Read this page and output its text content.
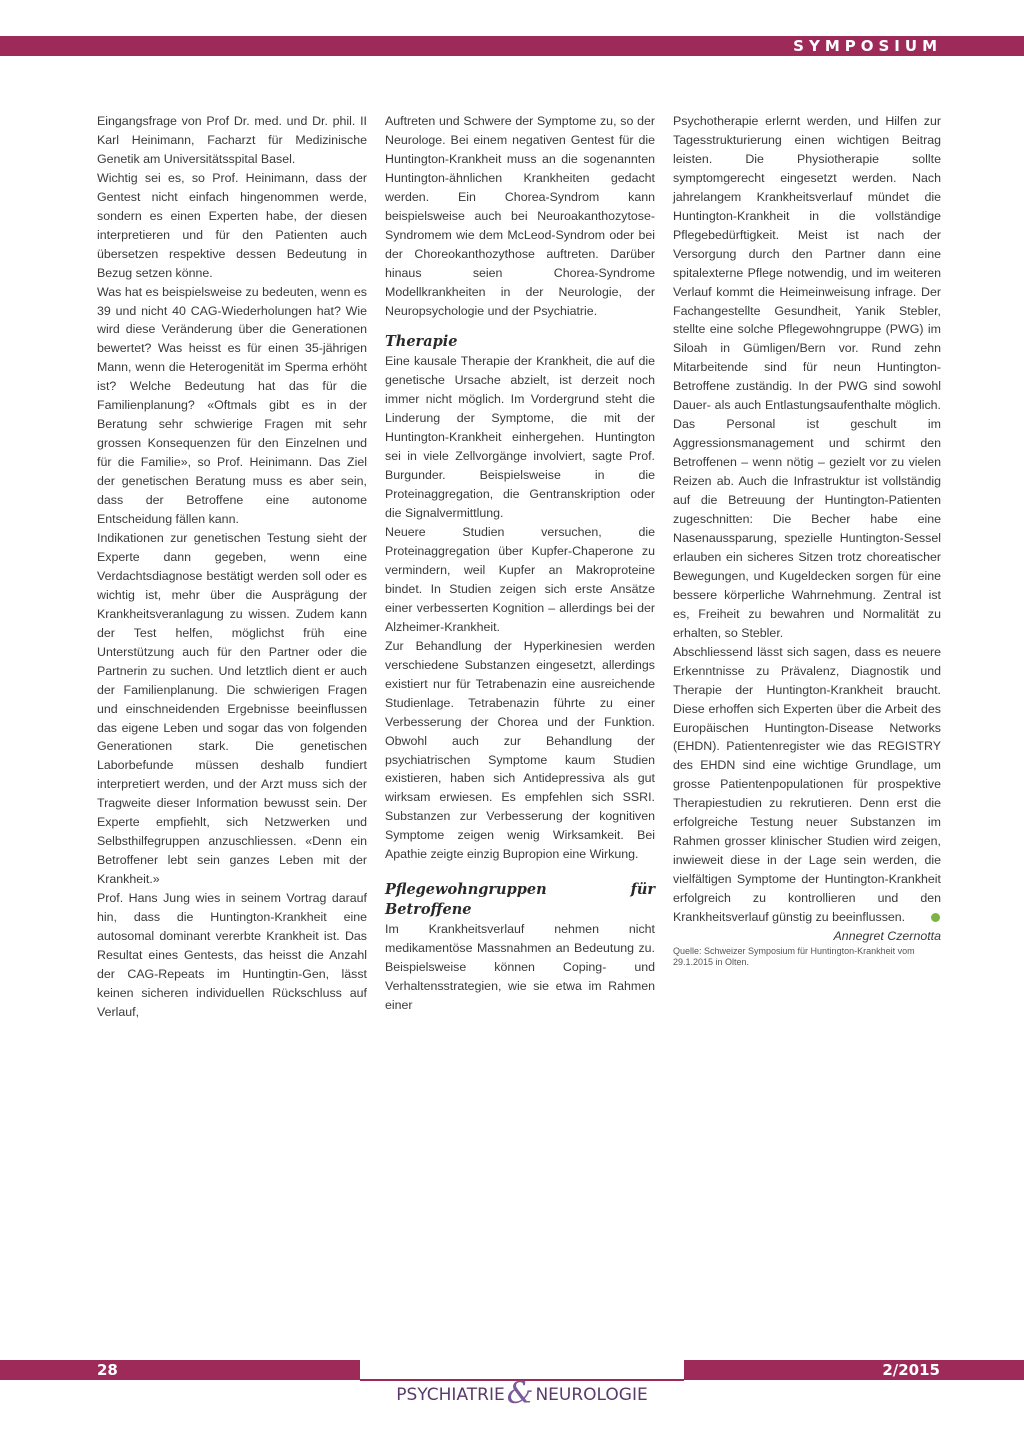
SYMPOSIUM

Eingangsfrage von Prof Dr. med. und Dr. phil. II Karl Heinimann, Facharzt für Medizinische Genetik am Universitätsspital Basel.

Wichtig sei es, so Prof. Heinimann, dass der Gentest nicht einfach hingenommen werde, sondern es einen Experten habe, der diesen interpretieren und für den Patienten auch übersetzen respektive dessen Bedeutung in Bezug setzen könne.

Was hat es beispielsweise zu bedeuten, wenn es 39 und nicht 40 CAG-Wiederholungen hat? Wie wird diese Veränderung über die Generationen bewertet? Was heisst es für einen 35-jährigen Mann, wenn die Heterogenität im Sperma erhöht ist? Welche Bedeutung hat das für die Familienplanung? «Oftmals gibt es in der Beratung sehr schwierige Fragen mit sehr grossen Konsequenzen für den Einzelnen und für die Familie», so Prof. Heinimann. Das Ziel der genetischen Beratung muss es aber sein, dass der Betroffene eine autonome Entscheidung fällen kann.

Indikationen zur genetischen Testung sieht der Experte dann gegeben, wenn eine Verdachtsdiagnose bestätigt werden soll oder es wichtig ist, mehr über die Ausprägung der Krankheitsveranlagung zu wissen. Zudem kann der Test helfen, möglichst früh eine Unterstützung auch für den Partner oder die Partnerin zu suchen. Und letztlich dient er auch der Familienplanung. Die schwierigen Fragen und einschneidenden Ergebnisse beeinflussen das eigene Leben und sogar das von folgenden Generationen stark. Die genetischen Laborbefunde müssen deshalb fundiert interpretiert werden, und der Arzt muss sich der Tragweite dieser Information bewusst sein. Der Experte empfiehlt, sich Netzwerken und Selbsthilfegruppen anzuschliessen. «Denn ein Betroffener lebt sein ganzes Leben mit der Krankheit.»

Prof. Hans Jung wies in seinem Vortrag darauf hin, dass die Huntington-Krankheit eine autosomal dominant vererbte Krankheit ist. Das Resultat eines Gentests, das heisst die Anzahl der CAG-Repeats im Huntingtin-Gen, lässt keinen sicheren individuellen Rückschluss auf Verlauf,

Auftreten und Schwere der Symptome zu, so der Neurologe. Bei einem negativen Gentest für die Huntington-Krankheit muss an die sogenannten Huntington-ähnlichen Krankheiten gedacht werden. Ein Chorea-Syndrom kann beispielsweise auch bei Neuroakanthozytose-Syndromem wie dem McLeod-Syndrom oder bei der Choreokanthozythose auftreten. Darüber hinaus seien Chorea-Syndrome Modellkrankheiten in der Neurologie, der Neuropsychologie und der Psychiatrie.

Therapie

Eine kausale Therapie der Krankheit, die auf die genetische Ursache abzielt, ist derzeit noch immer nicht möglich. Im Vordergrund steht die Linderung der Symptome, die mit der Huntington-Krankheit einhergehen. Huntington sei in viele Zellvorgänge involviert, sagte Prof. Burgunder. Beispielsweise in die Proteinaggregation, die Gentranskription oder die Signalvermittlung.

Neuere Studien versuchen, die Proteinaggregation über Kupfer-Chaperone zu vermindern, weil Kupfer an Makroproteine bindet. In Studien zeigen sich erste Ansätze einer verbesserten Kognition – allerdings bei der Alzheimer-Krankheit.

Zur Behandlung der Hyperkinesien werden verschiedene Substanzen eingesetzt, allerdings existiert nur für Tetrabenazin eine ausreichende Studienlage. Tetrabenazin führte zu einer Verbesserung der Chorea und der Funktion. Obwohl auch zur Behandlung der psychiatrischen Symptome kaum Studien existieren, haben sich Antidepressiva als gut wirksam erwiesen. Es empfehlen sich SSRI. Substanzen zur Verbesserung der kognitiven Symptome zeigen wenig Wirksamkeit. Bei Apathie zeigte einzig Bupropion eine Wirkung.

Pflegewohngruppen für Betroffene

Im Krankheitsverlauf nehmen nicht medikamentöse Massnahmen an Bedeutung zu. Beispielsweise können Coping- und Verhaltensstrategien, wie sie etwa im Rahmen einer

Psychotherapie erlernt werden, und Hilfen zur Tagesstrukturierung einen wichtigen Beitrag leisten. Die Physiotherapie sollte symptomgerecht eingesetzt werden. Nach jahrelangem Krankheitsverlauf mündet die Huntington-Krankheit in die vollständige Pflegebedürftigkeit. Meist ist nach der Versorgung durch den Partner dann eine spitalexterne Pflege notwendig, und im weiteren Verlauf kommt die Heimeinweisung infrage. Der Fachangestellte Gesundheit, Yanik Stebler, stellte eine solche Pflegewohngruppe (PWG) im Siloah in Gümligen/Bern vor. Rund zehn Mitarbeitende sind für neun Huntington-Betroffene zuständig. In der PWG sind sowohl Dauer- als auch Entlastungsaufenthalte möglich. Das Personal ist geschult im Aggressionsmanagement und schirmt den Betroffenen – wenn nötig – gezielt vor zu vielen Reizen ab. Auch die Infrastruktur ist vollständig auf die Betreuung der Huntington-Patienten zugeschnitten: Die Becher habe eine Nasenaussparung, spezielle Huntington-Sessel erlauben ein sicheres Sitzen trotz choreatischer Bewegungen, und Kugeldecken sorgen für eine bessere körperliche Wahrnehmung. Zentral ist es, Freiheit zu bewahren und Normalität zu erhalten, so Stebler.

Abschliessend lässt sich sagen, dass es neuere Erkenntnisse zu Prävalenz, Diagnostik und Therapie der Huntington-Krankheit braucht. Diese erhoffen sich Experten über die Arbeit des Europäischen Huntington-Disease Networks (EHDN). Patientenregister wie das REGISTRY des EHDN sind eine wichtige Grundlage, um grosse Patientenpopulationen für prospektive Therapiestudien zu rekrutieren. Denn erst die erfolgreiche Testung neuer Substanzen im Rahmen grosser klinischer Studien wird zeigen, inwieweit diese in der Lage sein werden, die vielfältigen Symptome der Huntington-Krankheit erfolgreich zu kontrollieren und den Krankheitsverlauf günstig zu beeinflussen.

Annegret Czernotta

Quelle: Schweizer Symposium für Huntington-Krankheit vom 29.1.2015 in Olten.

28	2/2015
PSYCHIATRIE& NEUROLOGIE
